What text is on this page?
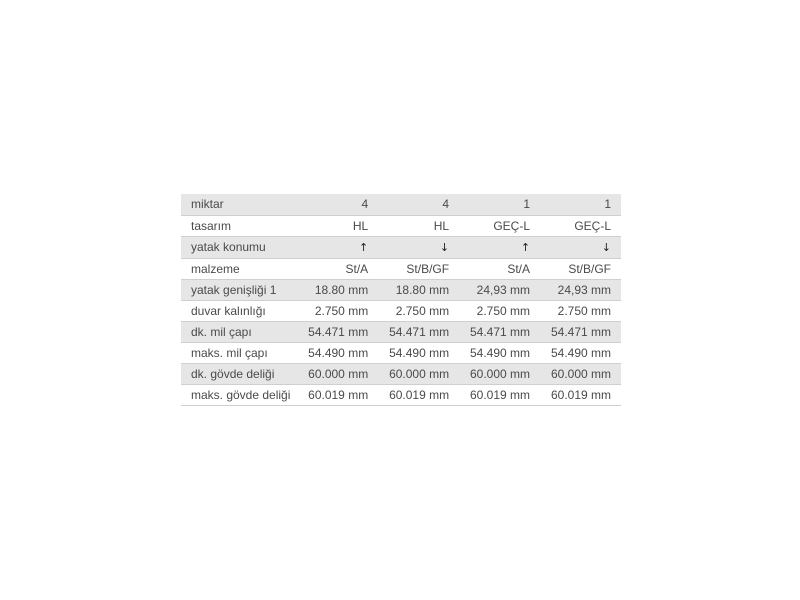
miktar	4	4	1	1
tasarım	HL	HL	GEÇ-L	GEÇ-L
yatak konumu	↑	↓	↑	↓
malzeme	St/A	St/B/GF	St/A	St/B/GF
yatak genişliği 1	18.80 mm	18.80 mm	24,93 mm	24,93 mm
duvar kalınlığı	2.750 mm	2.750 mm	2.750 mm	2.750 mm
dk. mil çapı	54.471 mm	54.471 mm	54.471 mm	54.471 mm
maks. mil çapı	54.490 mm	54.490 mm	54.490 mm	54.490 mm
dk. gövde deliği	60.000 mm	60.000 mm	60.000 mm	60.000 mm
maks. gövde deliği	60.019 mm	60.019 mm	60.019 mm	60.019 mm
